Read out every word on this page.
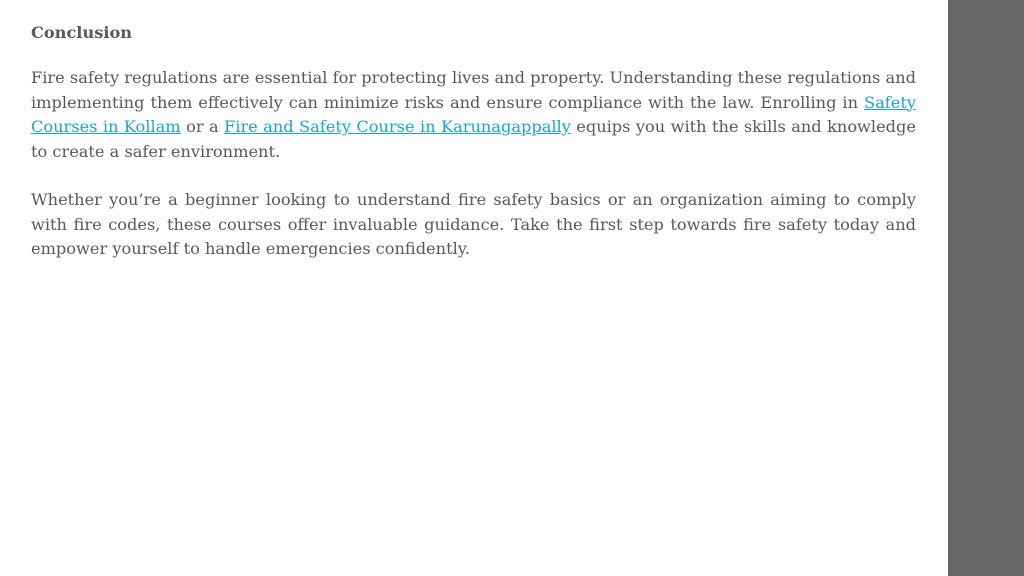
Conclusion

Fire safety regulations are essential for protecting lives and property. Understanding these regulations and implementing them effectively can minimize risks and ensure compliance with the law. Enrolling in Safety Courses in Kollam or a Fire and Safety Course in Karunagappally equips you with the skills and knowledge to create a safer environment.

Whether you’re a beginner looking to understand fire safety basics or an organization aiming to comply with fire codes, these courses offer invaluable guidance. Take the first step towards fire safety today and empower yourself to handle emergencies confidently.
